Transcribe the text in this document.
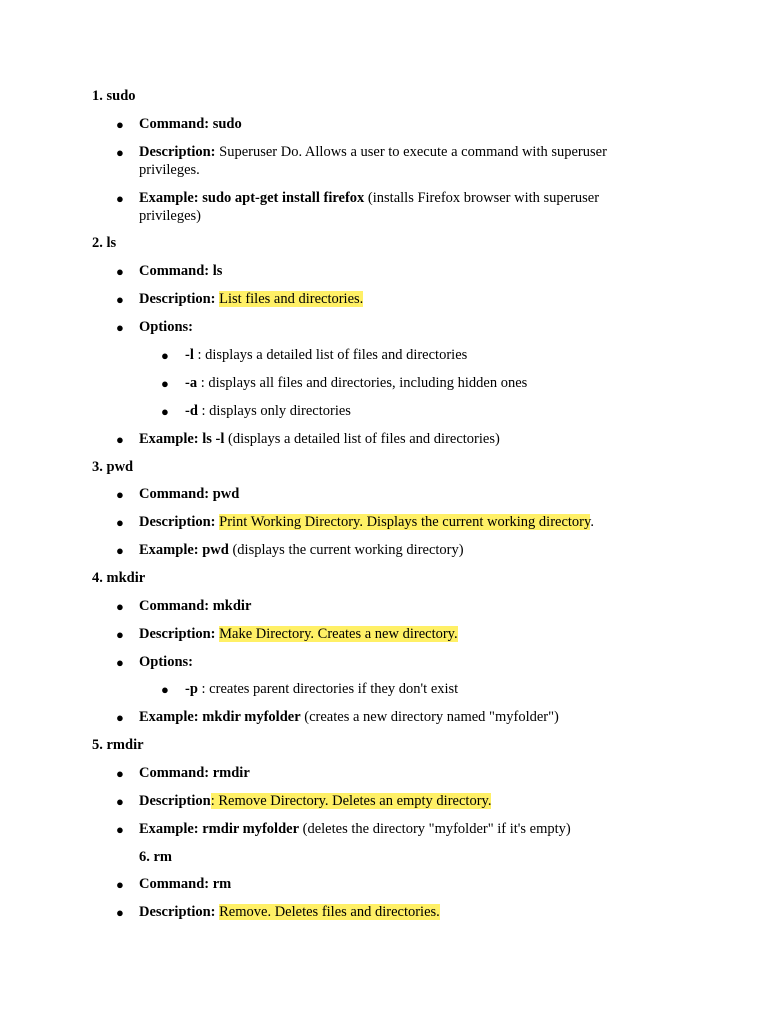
1. sudo
● Command: sudo
● Description: Superuser Do. Allows a user to execute a command with superuser
privileges.
● Example: sudo apt-get install firefox (installs Firefox browser with superuser
privileges)
2. ls
● Command: ls
● Description: List files and directories.
● Options:
● -l : displays a detailed list of files and directories
● -a : displays all files and directories, including hidden ones
● -d : displays only directories
● Example: ls -l (displays a detailed list of files and directories)
3. pwd
● Command: pwd
● Description: Print Working Directory. Displays the current working directory.
● Example: pwd (displays the current working directory)
4. mkdir
● Command: mkdir
● Description: Make Directory. Creates a new directory.
● Options:
● -p : creates parent directories if they don't exist
● Example: mkdir myfolder (creates a new directory named "myfolder")
5. rmdir
● Command: rmdir
● Description: Remove Directory. Deletes an empty directory.
● Example: rmdir myfolder (deletes the directory "myfolder" if it's empty)
6. rm
● Command: rm
● Description: Remove. Deletes files and directories.
